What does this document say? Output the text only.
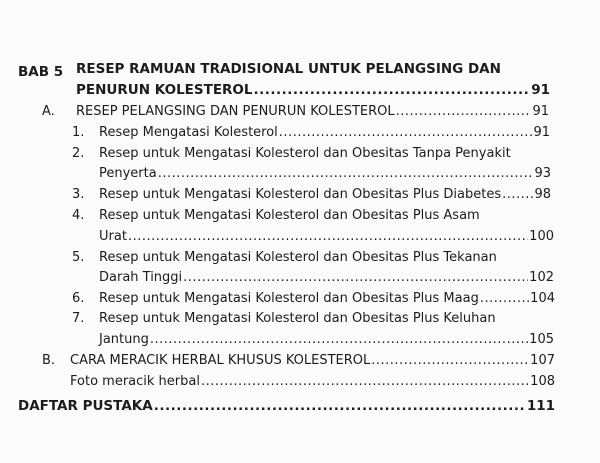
BAB 5 RESEP RAMUAN TRADISIONAL UNTUK PELANGSING DAN
PENURUN KOLESTEROL .....	91
A. RESEP PELANGSING DAN PENURUN KOLESTEROL .....	91
1. Resep Mengatasi Kolesterol .....	91
2. Resep untuk Mengatasi Kolesterol dan Obesitas Tanpa Penyakit
Penyerta .....	93
3. Resep untuk Mengatasi Kolesterol dan Obesitas Plus Diabetes .....	98
4. Resep untuk Mengatasi Kolesterol dan Obesitas Plus Asam
Urat .....	100
5. Resep untuk Mengatasi Kolesterol dan Obesitas Plus Tekanan
Darah Tinggi .....	102
6. Resep untuk Mengatasi Kolesterol dan Obesitas Plus Maag .....	104
7. Resep untuk Mengatasi Kolesterol dan Obesitas Plus Keluhan
Jantung .....	105
B. CARA MERACIK HERBAL KHUSUS KOLESTEROL .....	107
Foto meracik herbal .....	108
DAFTAR PUSTAKA .....	111
